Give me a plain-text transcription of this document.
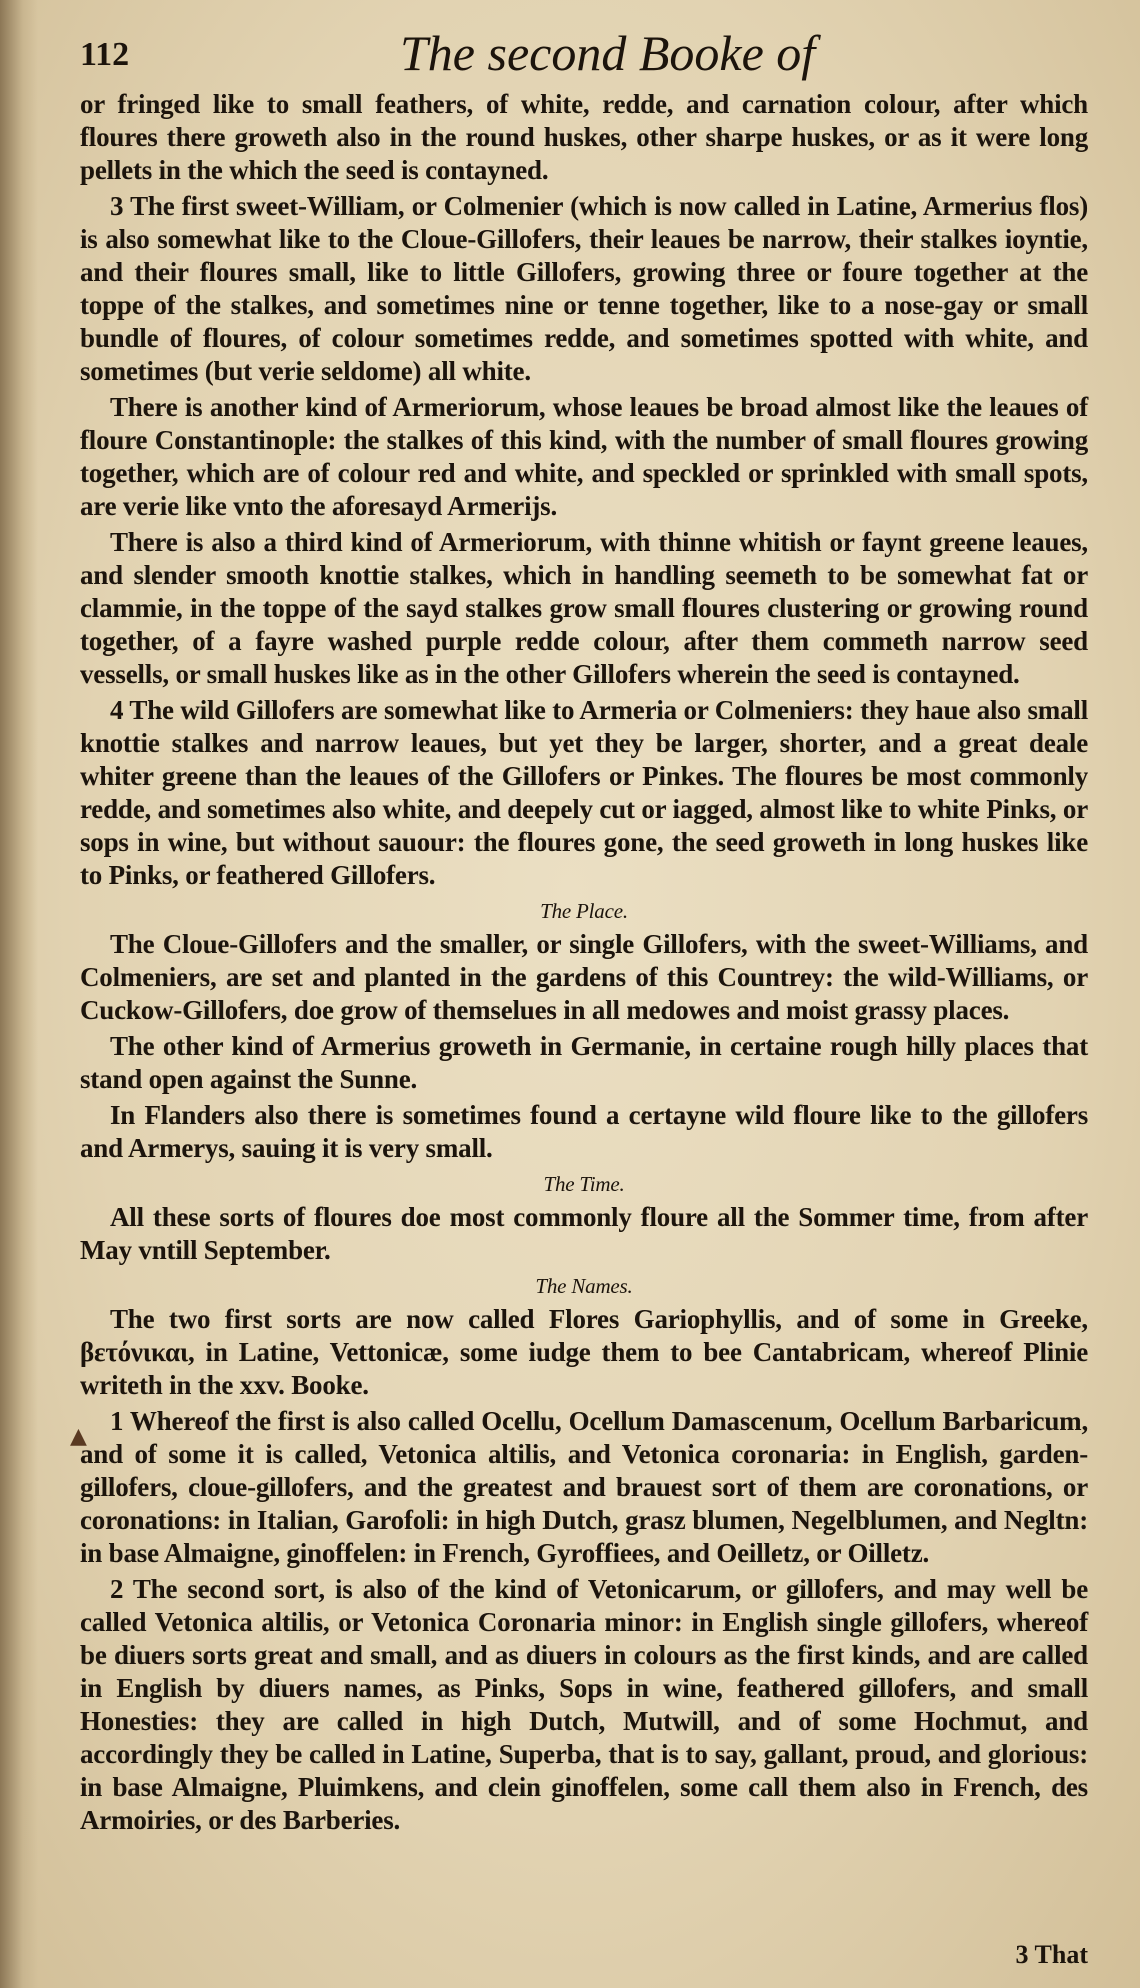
▲
112	The second Booke of

or fringed like to small feathers, of white, redde, and carnation colour, after which floures there groweth also in the round huskes, other sharpe huskes, or as it were long pellets in the which the seed is contayned.

3 The first sweet-William, or Colmenier (which is now called in Latine, Armerius flos) is also somewhat like to the Cloue-Gillofers, their leaues be narrow, their stalkes ioyntie, and their floures small, like to little Gillofers, growing three or foure together at the toppe of the stalkes, and sometimes nine or tenne together, like to a nose-gay or small bundle of floures, of colour sometimes redde, and sometimes spotted with white, and sometimes (but verie seldome) all white.

There is another kind of Armeriorum, whose leaues be broad almost like the leaues of floure Constantinople: the stalkes of this kind, with the number of small floures growing together, which are of colour red and white, and speckled or sprinkled with small spots, are verie like vnto the aforesayd Armerijs.

There is also a third kind of Armeriorum, with thinne whitish or faynt greene leaues, and slender smooth knottie stalkes, which in handling seemeth to be somewhat fat or clammie, in the toppe of the sayd stalkes grow small floures clustering or growing round together, of a fayre washed purple redde colour, after them commeth narrow seed vessells, or small huskes like as in the other Gillofers wherein the seed is contayned.

4 The wild Gillofers are somewhat like to Armeria or Colmeniers: they haue also small knottie stalkes and narrow leaues, but yet they be larger, shorter, and a great deale whiter greene than the leaues of the Gillofers or Pinkes. The floures be most commonly redde, and sometimes also white, and deepely cut or iagged, almost like to white Pinks, or sops in wine, but without sauour: the floures gone, the seed groweth in long huskes like to Pinks, or feathered Gillofers.

The Place.

The Cloue-Gillofers and the smaller, or single Gillofers, with the sweet-Williams, and Colmeniers, are set and planted in the gardens of this Countrey: the wild-Williams, or Cuckow-Gillofers, doe grow of themselues in all medowes and moist grassy places.

The other kind of Armerius groweth in Germanie, in certaine rough hilly places that stand open against the Sunne.

In Flanders also there is sometimes found a certayne wild floure like to the gillofers and Armerys, sauing it is very small.

The Time.

All these sorts of floures doe most commonly floure all the Sommer time, from after May vntill September.

The Names.

The two first sorts are now called Flores Gariophyllis, and of some in Greeke, βετόνικαι, in Latine, Vettonicæ, some iudge them to bee Cantabricam, whereof Plinie writeth in the xxv. Booke.

1 Whereof the first is also called Ocellu, Ocellum Damascenum, Ocellum Barbaricum, and of some it is called, Vetonica altilis, and Vetonica coronaria: in English, garden-gillofers, cloue-gillofers, and the greatest and brauest sort of them are coronations, or coronations: in Italian, Garofoli: in high Dutch, grasz blumen, Negelblumen, and Negltn: in base Almaigne, ginoffelen: in French, Gyroffiees, and Oeilletz, or Oilletz.

2 The second sort, is also of the kind of Vetonicarum, or gillofers, and may well be called Vetonica altilis, or Vetonica Coronaria minor: in English single gillofers, whereof be diuers sorts great and small, and as diuers in colours as the first kinds, and are called in English by diuers names, as Pinks, Sops in wine, feathered gillofers, and small Honesties: they are called in high Dutch, Mutwill, and of some Hochmut, and accordingly they be called in Latine, Superba, that is to say, gallant, proud, and glorious: in base Almaigne, Pluimkens, and clein ginoffelen, some call them also in French, des Armoiries, or des Barberies.

3 That
